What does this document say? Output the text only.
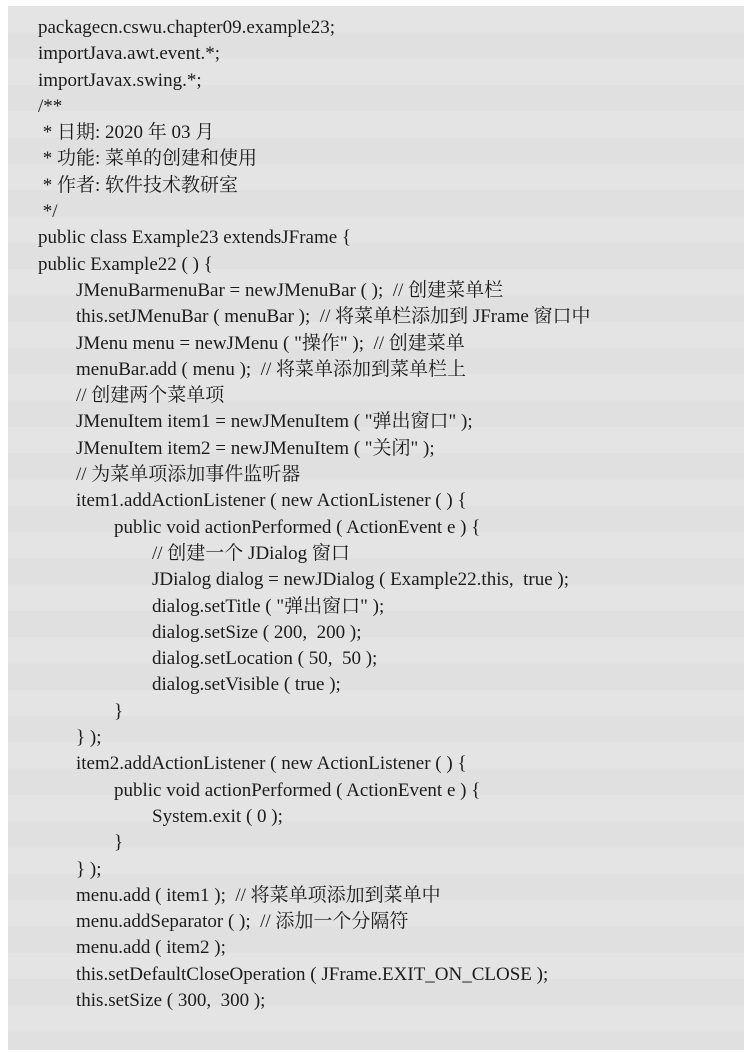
packagecn.cswu.chapter09.example23;
importJava.awt.event.*;
importJavax.swing.*;
/**
* 日期: 2020 年 03 月
* 功能: 菜单的创建和使用
* 作者: 软件技术教研室
*/
public class Example23 extendsJFrame {
public Example22 ( ) {
JMenuBarmenuBar = newJMenuBar ( );  // 创建菜单栏
this.setJMenuBar ( menuBar );  // 将菜单栏添加到 JFrame 窗口中
JMenu menu = newJMenu ( "操作" );  // 创建菜单
menuBar.add ( menu );  // 将菜单添加到菜单栏上
// 创建两个菜单项
JMenuItem item1 = newJMenuItem ( "弹出窗口" );
JMenuItem item2 = newJMenuItem ( "关闭" );
// 为菜单项添加事件监听器
item1.addActionListener ( new ActionListener ( ) {
public void actionPerformed ( ActionEvent e ) {
// 创建一个 JDialog 窗口
JDialog dialog = newJDialog ( Example22.this,  true );
dialog.setTitle ( "弹出窗口" );
dialog.setSize ( 200,  200 );
dialog.setLocation ( 50,  50 );
dialog.setVisible ( true );
}
} );
item2.addActionListener ( new ActionListener ( ) {
public void actionPerformed ( ActionEvent e ) {
System.exit ( 0 );
}
} );
menu.add ( item1 );  // 将菜单项添加到菜单中
menu.addSeparator ( );  // 添加一个分隔符
menu.add ( item2 );
this.setDefaultCloseOperation ( JFrame.EXIT_ON_CLOSE );
this.setSize ( 300,  300 );
